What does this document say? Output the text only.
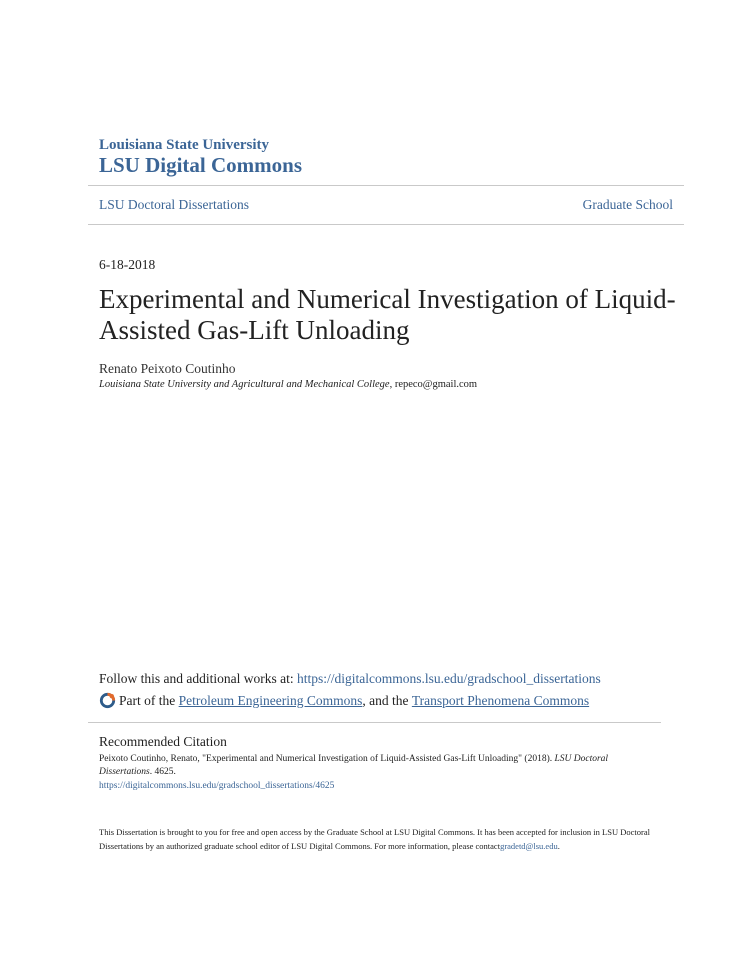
Louisiana State University
LSU Digital Commons
LSU Doctoral Dissertations	Graduate School
6-18-2018
Experimental and Numerical Investigation of Liquid-Assisted Gas-Lift Unloading
Renato Peixoto Coutinho
Louisiana State University and Agricultural and Mechanical College, repeco@gmail.com
Follow this and additional works at: https://digitalcommons.lsu.edu/gradschool_dissertations
Part of the
Petroleum Engineering Commons , and the
Transport Phenomena Commons
Recommended Citation
Peixoto Coutinho, Renato, "Experimental and Numerical Investigation of Liquid-Assisted Gas-Lift Unloading" (2018). LSU Doctoral Dissertations. 4625.
https://digitalcommons.lsu.edu/gradschool_dissertations/4625
This Dissertation is brought to you for free and open access by the Graduate School at LSU Digital Commons. It has been accepted for inclusion in LSU Doctoral Dissertations by an authorized graduate school editor of LSU Digital Commons. For more information, please contactgradetd@lsu.edu.
